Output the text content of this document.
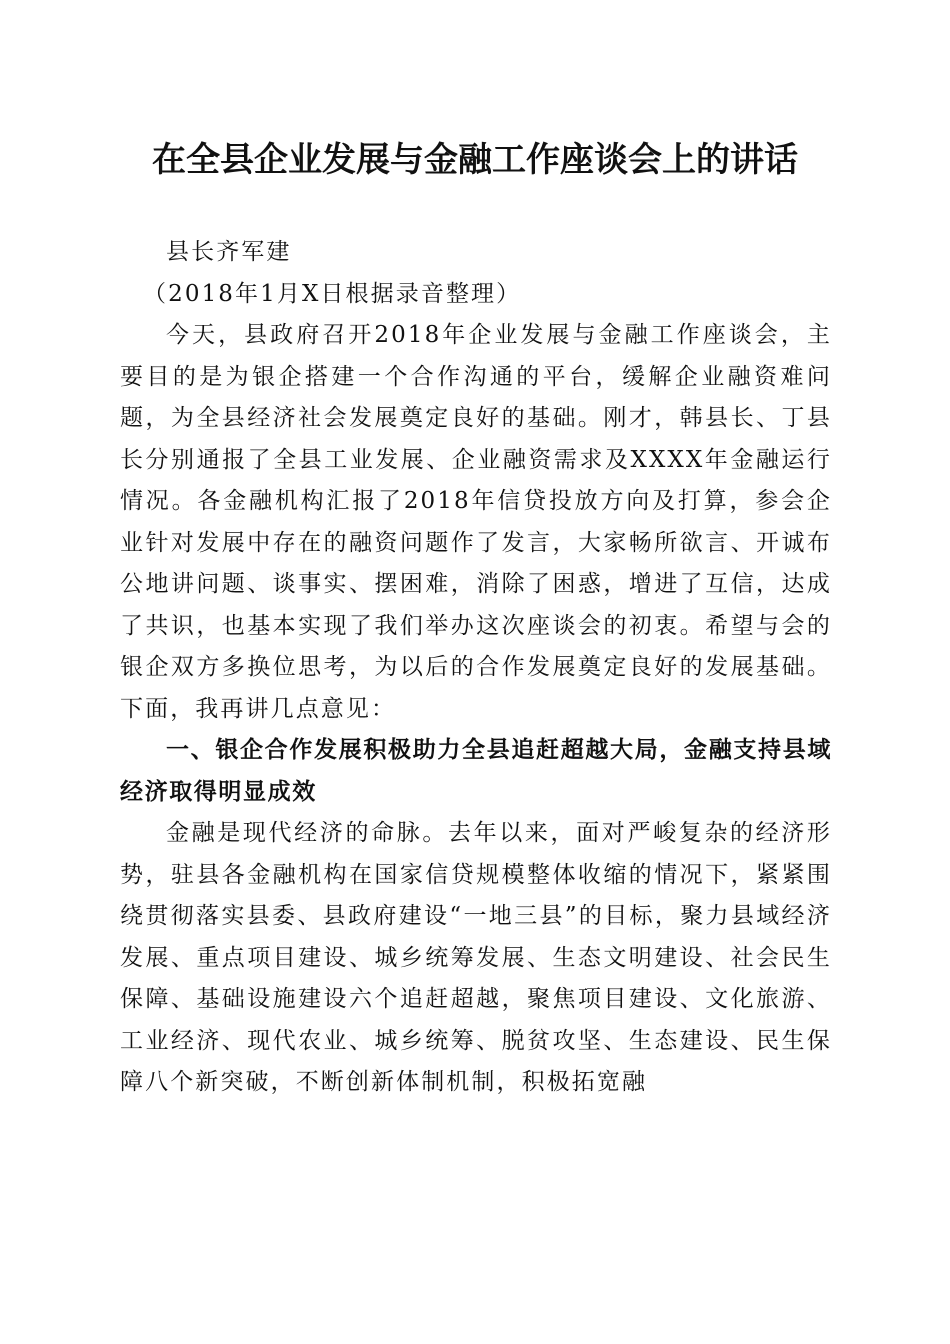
在全县企业发展与金融工作座谈会上的讲话

县长齐军建

（2018年1月X日根据录音整理）

今天，县政府召开2018年企业发展与金融工作座谈会，主要目的是为银企搭建一个合作沟通的平台，缓解企业融资难问题，为全县经济社会发展奠定良好的基础。刚才，韩县长、丁县长分别通报了全县工业发展、企业融资需求及XXXX年金融运行情况。各金融机构汇报了2018年信贷投放方向及打算，参会企业针对发展中存在的融资问题作了发言，大家畅所欲言、开诚布公地讲问题、谈事实、摆困难，消除了困惑，增进了互信，达成了共识，也基本实现了我们举办这次座谈会的初衷。希望与会的银企双方多换位思考，为以后的合作发展奠定良好的发展基础。下面，我再讲几点意见：

一、银企合作发展积极助力全县追赶超越大局，金融支持县域经济取得明显成效

金融是现代经济的命脉。去年以来，面对严峻复杂的经济形势，驻县各金融机构在国家信贷规模整体收缩的情况下，紧紧围绕贯彻落实县委、县政府建设“一地三县”的目标，聚力县域经济发展、重点项目建设、城乡统筹发展、生态文明建设、社会民生保障、基础设施建设六个追赶超越，聚焦项目建设、文化旅游、工业经济、现代农业、城乡统筹、脱贫攻坚、生态建设、民生保障八个新突破，不断创新体制机制，积极拓宽融
